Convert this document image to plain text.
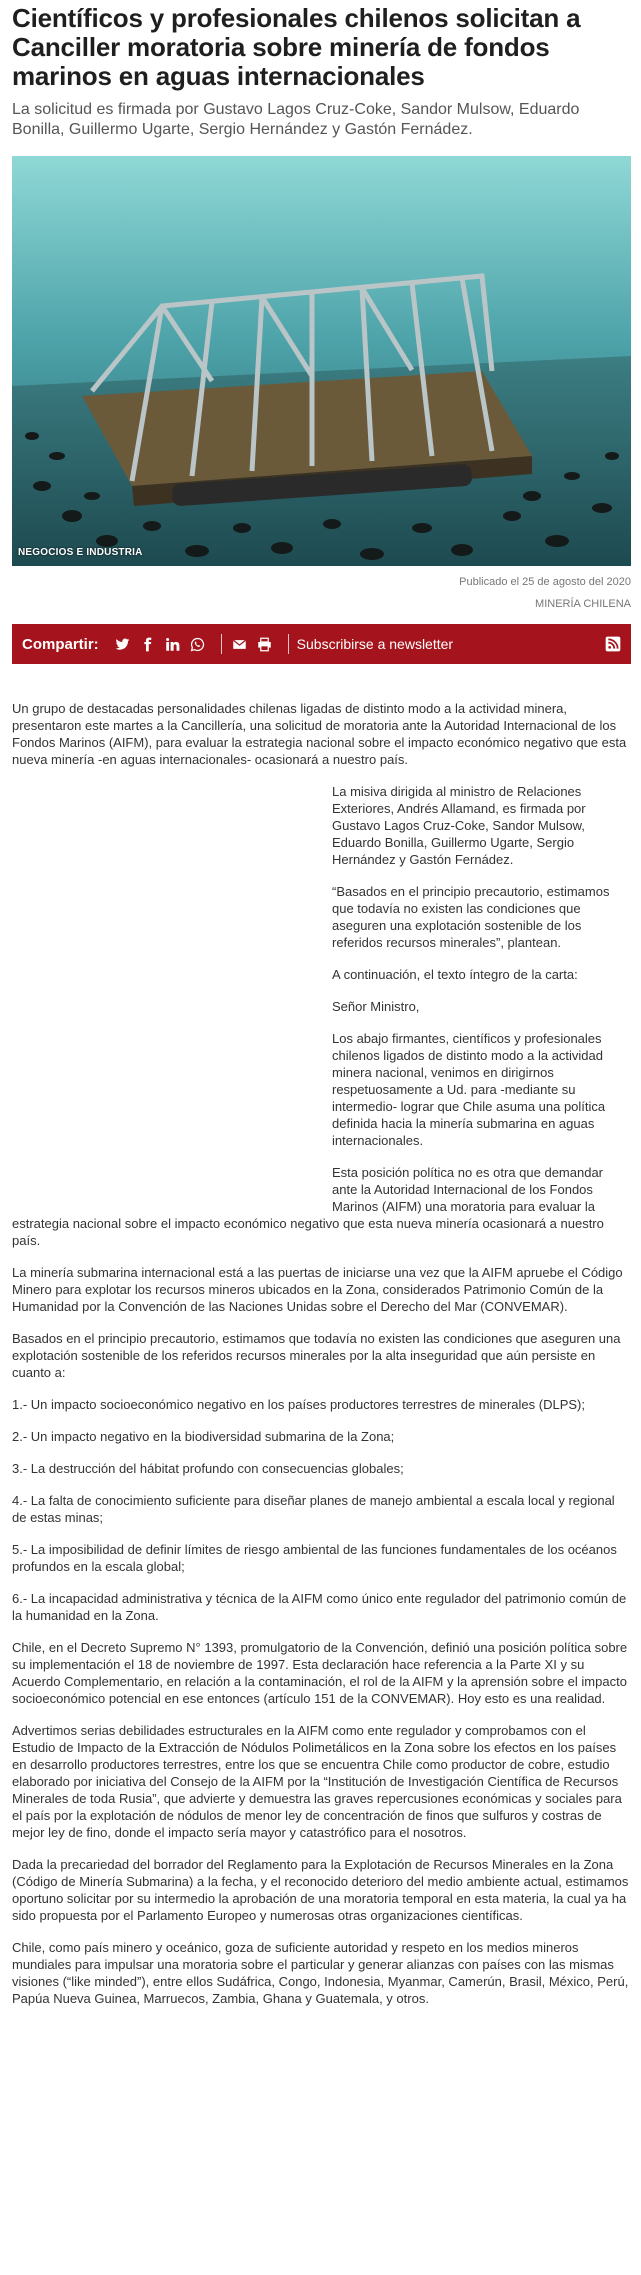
Científicos y profesionales chilenos solicitan a Canciller moratoria sobre minería de fondos marinos en aguas internacionales
La solicitud es firmada por Gustavo Lagos Cruz-Coke, Sandor Mulsow, Eduardo Bonilla, Guillermo Ugarte, Sergio Hernández y Gastón Fernádez.
NEGOCIOS E INDUSTRIA
Publicado el 25 de agosto del 2020
MINERÍA CHILENA
Compartir:	Subscribirse a newsletter

Un grupo de destacadas personalidades chilenas ligadas de distinto modo a la actividad minera, presentaron este martes a la Cancillería, una solicitud de moratoria ante la Autoridad Internacional de los Fondos Marinos (AIFM), para evaluar la estrategia nacional sobre el impacto económico negativo que esta nueva minería -en aguas internacionales- ocasionará a nuestro país.

La misiva dirigida al ministro de Relaciones Exteriores, Andrés Allamand, es firmada por Gustavo Lagos Cruz-Coke, Sandor Mulsow, Eduardo Bonilla, Guillermo Ugarte, Sergio Hernández y Gastón Fernádez.

“Basados en el principio precautorio, estimamos que todavía no existen las condiciones que aseguren una explotación sostenible de los referidos recursos minerales”, plantean.

A continuación, el texto íntegro de la carta:

Señor Ministro,

Los abajo firmantes, científicos y profesionales chilenos ligados de distinto modo a la actividad minera nacional, venimos en dirigirnos respetuosamente a Ud. para -mediante su intermedio- lograr que Chile asuma una política definida hacia la minería submarina en aguas internacionales.

Esta posición política no es otra que demandar ante la Autoridad Internacional de los Fondos Marinos (AIFM) una moratoria para evaluar la estrategia nacional sobre el impacto económico negativo que esta nueva minería ocasionará a nuestro país.

La minería submarina internacional está a las puertas de iniciarse una vez que la AIFM apruebe el Código Minero para explotar los recursos mineros ubicados en la Zona, considerados Patrimonio Común de la Humanidad por la Convención de las Naciones Unidas sobre el Derecho del Mar (CONVEMAR).

Basados en el principio precautorio, estimamos que todavía no existen las condiciones que aseguren una explotación sostenible de los referidos recursos minerales por la alta inseguridad que aún persiste en cuanto a:

1.- Un impacto socioeconómico negativo en los países productores terrestres de minerales (DLPS);

2.- Un impacto negativo en la biodiversidad submarina de la Zona;

3.- La destrucción del hábitat profundo con consecuencias globales;

4.- La falta de conocimiento suficiente para diseñar planes de manejo ambiental a escala local y regional de estas minas;

5.- La imposibilidad de definir límites de riesgo ambiental de las funciones fundamentales de los océanos profundos en la escala global;

6.- La incapacidad administrativa y técnica de la AIFM como único ente regulador del patrimonio común de la humanidad en la Zona.

Chile, en el Decreto Supremo N° 1393, promulgatorio de la Convención, definió una posición política sobre su implementación el 18 de noviembre de 1997. Esta declaración hace referencia a la Parte XI y su Acuerdo Complementario, en relación a la contaminación, el rol de la AIFM y la aprensión sobre el impacto socioeconómico potencial en ese entonces (artículo 151 de la CONVEMAR). Hoy esto es una realidad.

Advertimos serias debilidades estructurales en la AIFM como ente regulador y comprobamos con el Estudio de Impacto de la Extracción de Nódulos Polimetálicos en la Zona sobre los efectos en los países en desarrollo productores terrestres, entre los que se encuentra Chile como productor de cobre, estudio elaborado por iniciativa del Consejo de la AIFM por la “Institución de Investigación Científica de Recursos Minerales de toda Rusia”, que advierte y demuestra las graves repercusiones económicas y sociales para el país por la explotación de nódulos de menor ley de concentración de finos que sulfuros y costras de mejor ley de fino, donde el impacto sería mayor y catastrófico para el nosotros.

Dada la precariedad del borrador del Reglamento para la Explotación de Recursos Minerales en la Zona (Código de Minería Submarina) a la fecha, y el reconocido deterioro del medio ambiente actual, estimamos oportuno solicitar por su intermedio la aprobación de una moratoria temporal en esta materia, la cual ya ha sido propuesta por el Parlamento Europeo y numerosas otras organizaciones científicas.

Chile, como país minero y oceánico, goza de suficiente autoridad y respeto en los medios mineros mundiales para impulsar una moratoria sobre el particular y generar alianzas con países con las mismas visiones (“like minded”), entre ellos Sudáfrica, Congo, Indonesia, Myanmar, Camerún, Brasil, México, Perú, Papúa Nueva Guinea, Marruecos, Zambia, Ghana y Guatemala, y otros.
